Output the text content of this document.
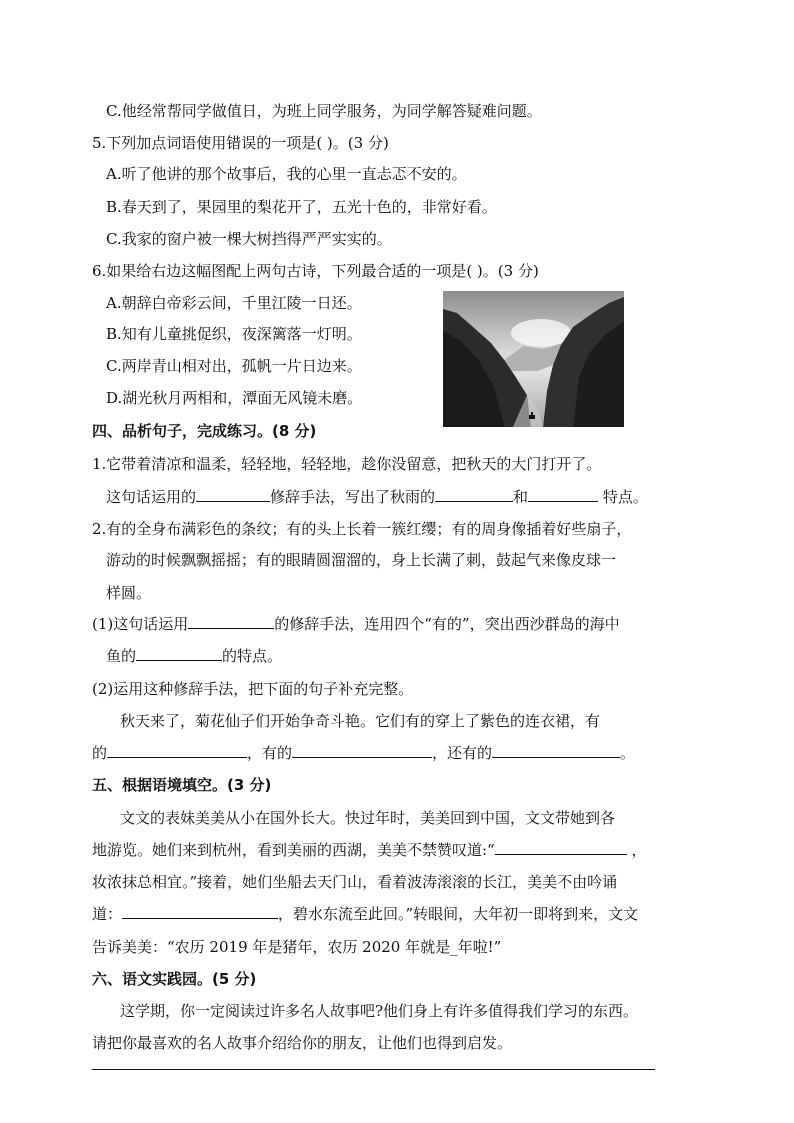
C.他经常帮同学做值日，为班上同学服务，为同学解答疑难问题。
5.下列加点词语使用错误的一项是( )。(3 分)
A.听了他讲的那个故事后，我的心里一直忐忑不安的。
B.春天到了，果园里的梨花开了，五光十色的，非常好看。
C.我家的窗户被一棵大树挡得严严实实的。
6.如果给右边这幅图配上两句古诗，下列最合适的一项是( )。(3 分)
A.朝辞白帝彩云间，千里江陵一日还。
B.知有儿童挑促织，夜深篱落一灯明。
C.两岸青山相对出，孤帆一片日边来。
D.湖光秋月两相和，潭面无风镜未磨。
四、品析句子，完成练习。(8 分)
1.它带着清凉和温柔，轻轻地，轻轻地，趁你没留意，把秋天的大门打开了。
这句话运用的	修辞手法，写出了秋雨的	和	特点。
2.有的全身布满彩色的条纹；有的头上长着一簇红缨；有的周身像插着好些扇子，
游动的时候飘飘摇摇；有的眼睛圆溜溜的，身上长满了刺，鼓起气来像皮球一
样圆。
(1)这句话运用	的修辞手法，连用四个“有的”，突出西沙群岛的海中
鱼的	的特点。
(2)运用这种修辞手法，把下面的句子补充完整。
秋天来了，菊花仙子们开始争奇斗艳。它们有的穿上了紫色的连衣裙，有
的	，有的	，还有的	。
五、根据语境填空。(3 分)
文文的表妹美美从小在国外长大。快过年时，美美回到中国，文文带她到各
地游览。她们来到杭州，看到美丽的西湖，美美不禁赞叹道:“	，
妆浓抹总相宜。”接着，她们坐船去天门山，看着波涛滚滚的长江，美美不由吟诵
道：	，碧水东流至此回。”转眼间，大年初一即将到来，文文
告诉美美：“农历 2019 年是猪年，农历 2020 年就是_年啦!”
六、语文实践园。(5 分)
这学期，你一定阅读过许多名人故事吧?他们身上有许多值得我们学习的东西。
请把你最喜欢的名人故事介绍给你的朋友，让他们也得到启发。
